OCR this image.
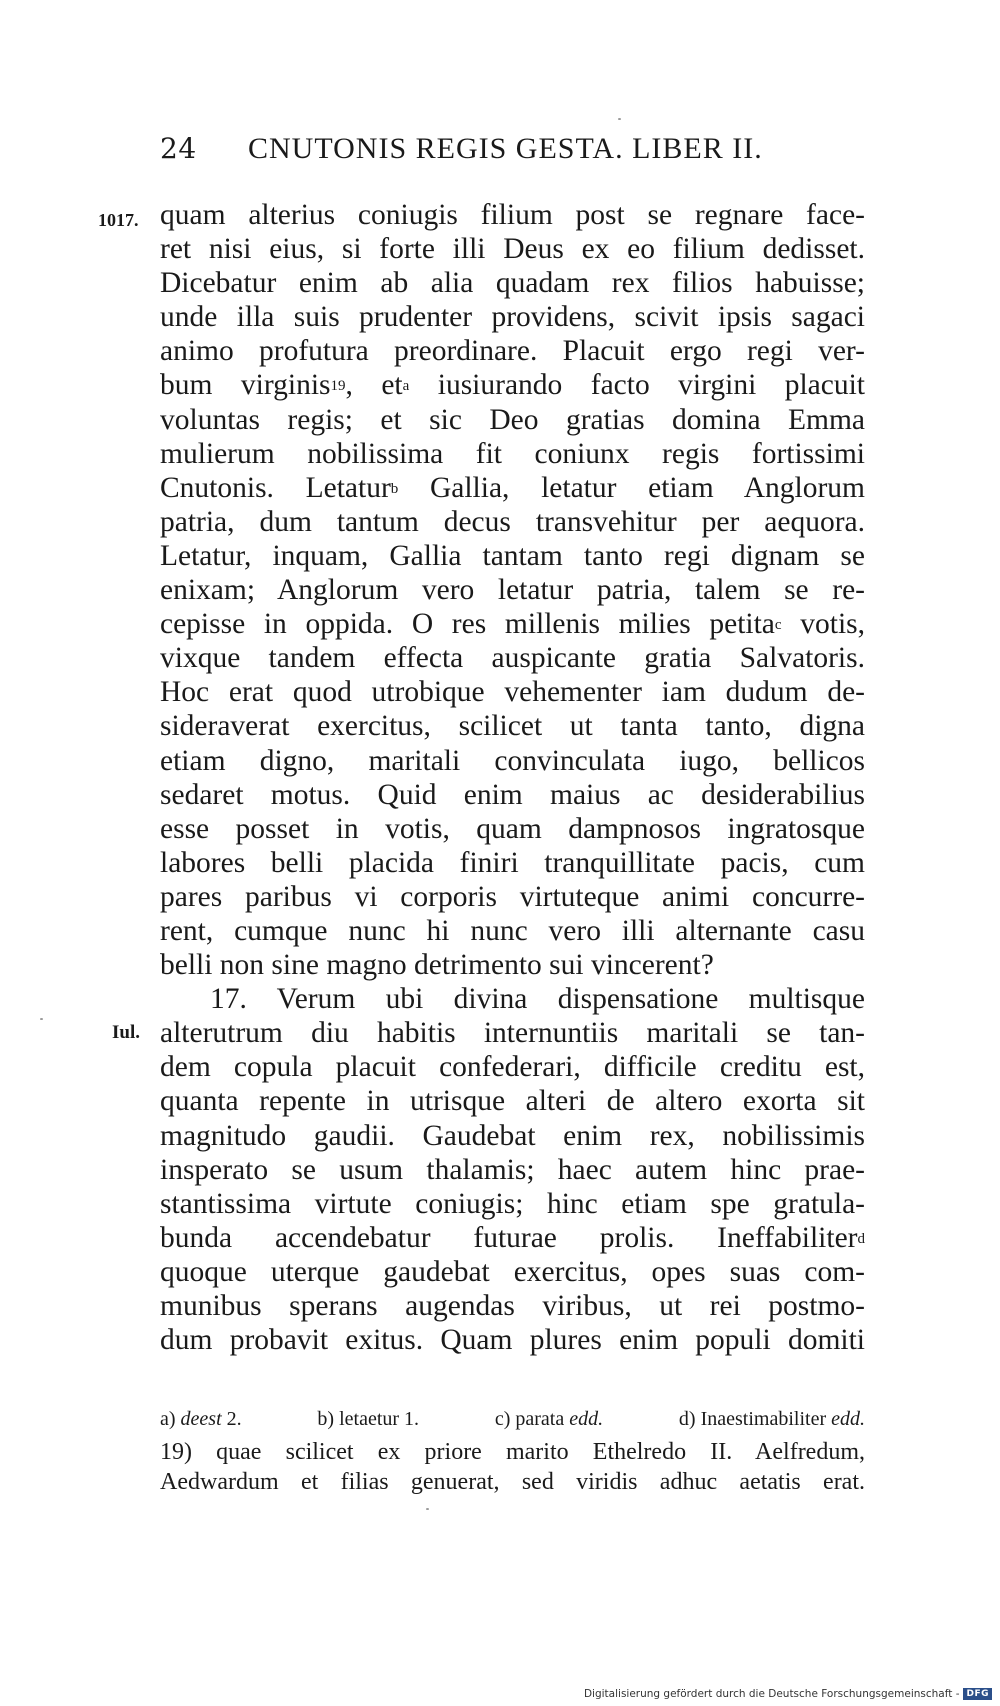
24 CNUTONIS REGIS GESTA. LIBER II.
1017.
Iul.
quam alterius coniugis filium post se regnare face-
ret nisi eius, si forte illi Deus ex eo filium dedisset.
Dicebatur enim ab alia quadam rex filios habuisse;
unde illa suis prudenter providens, scivit ipsis sagaci
animo profutura preordinare. Placuit ergo regi ver-
bum virginis$^{19}$, $et^a$ iusiurando facto virgini placuit
voluntas regis; et sic Deo gratias domina Emma
mulierum nobilissima fit coniunx regis fortissimi
Cnutonis. Letatur$^b$ Gallia, letatur etiam Anglorum
patria, dum tantum decus transvehitur per aequora.
Letatur, inquam, Gallia tantam tanto regi dignam se
enixam; Anglorum vero letatur patria, talem se re-
cepisse in oppida. O res millenis milies petita$^c$ votis,
vixque tandem effecta auspicante gratia Salvatoris.
Hoc erat quod utrobique vehementer iam dudum de-
sideraverat exercitus, scilicet ut tanta tanto, digna
etiam digno, maritali convinculata iugo, bellicos
sedaret motus. Quid enim maius ac desiderabilius
esse posset in votis, quam dampnosos ingratosque
labores belli placida finiri tranquillitate pacis, cum
pares paribus vi corporis virtuteque animi concurre-
rent, cumque nunc hi nunc vero illi alternante casu
belli non sine magno detrimento sui vincerent?
17. Verum ubi divina dispensatione multisque
alterutrum diu habitis internuntiis maritali se tan-
dem copula placuit confederari, difficile creditu est,
quanta repente in utrisque alteri de altero exorta sit
magnitudo gaudii. Gaudebat enim rex, nobilissimis
insperato se usum thalamis; haec autem hinc prae-
stantissima virtute coniugis; hinc etiam spe gratula-
bunda accendebatur futurae prolis. Ineffabiliter$^d$
quoque uterque gaudebat exercitus, opes suas com-
munibus sperans augendas viribus, ut rei postmo-
dum probavit exitus. Quam plures enim populi domiti
a) deest 2.	b) letaetur 1.	c) parata edd.	d) Inaestimabiliter edd.
19) quae scilicet ex priore marito Ethelredo II. Aelfredum,
Aedwardum et filias genuerat, sed viridis adhuc aetatis erat.
Digitalisierung gefördert durch die Deutsche Forschungsgemeinschaft - DFG
